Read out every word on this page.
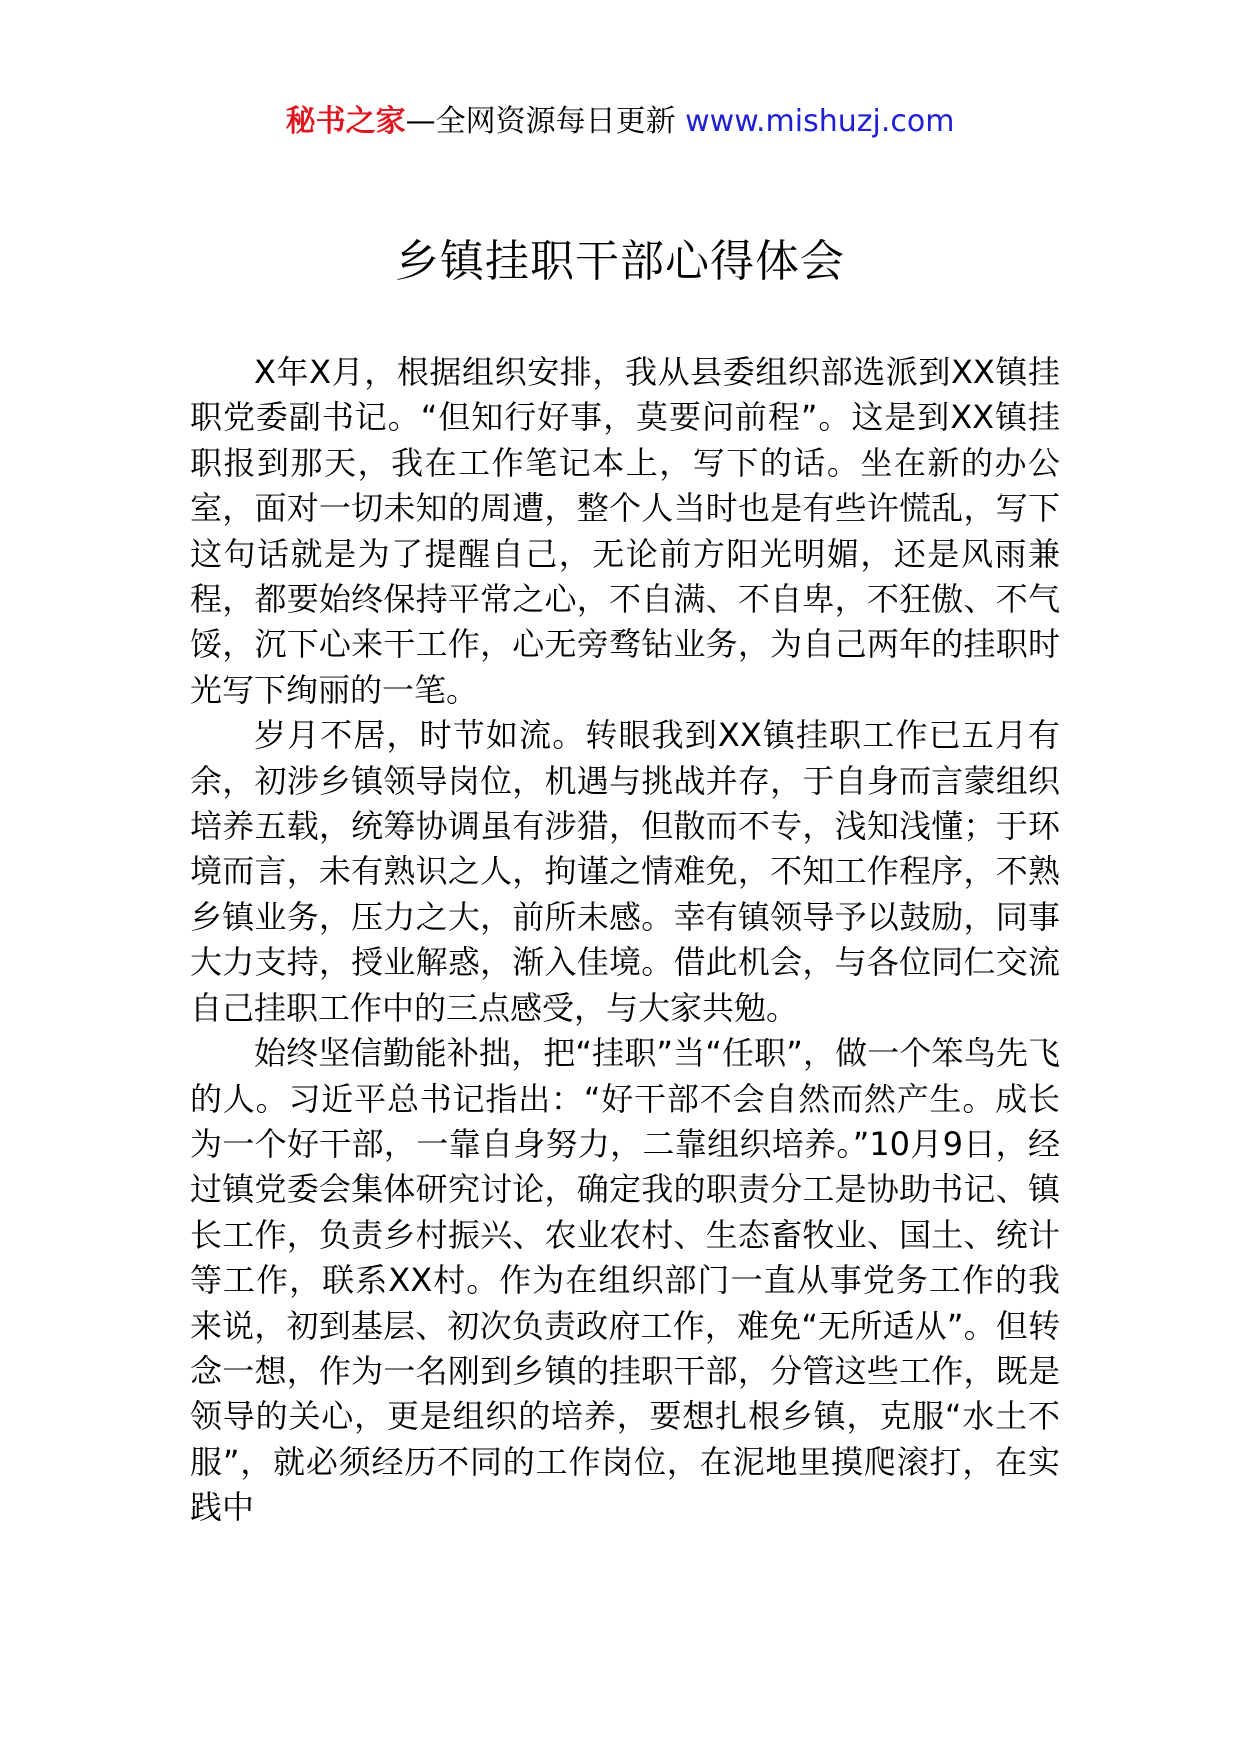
秘书之家—全网资源每日更新 www.mishuzj.com
乡镇挂职干部心得体会

X年X月，根据组织安排，我从县委组织部选派到XX镇挂职党委副书记。“但知行好事，莫要问前程”。这是到XX镇挂职报到那天，我在工作笔记本上，写下的话。坐在新的办公室，面对一切未知的周遭，整个人当时也是有些许慌乱，写下这句话就是为了提醒自己，无论前方阳光明媚，还是风雨兼程，都要始终保持平常之心，不自满、不自卑，不狂傲、不气馁，沉下心来干工作，心无旁骛钻业务，为自己两年的挂职时光写下绚丽的一笔。

岁月不居，时节如流。转眼我到XX镇挂职工作已五月有余，初涉乡镇领导岗位，机遇与挑战并存，于自身而言蒙组织培养五载，统筹协调虽有涉猎，但散而不专，浅知浅懂；于环境而言，未有熟识之人，拘谨之情难免，不知工作程序，不熟乡镇业务，压力之大，前所未感。幸有镇领导予以鼓励，同事大力支持，授业解惑，渐入佳境。借此机会，与各位同仁交流自己挂职工作中的三点感受，与大家共勉。

始终坚信勤能补拙，把“挂职”当“任职”，做一个笨鸟先飞的人。习近平总书记指出：“好干部不会自然而然产生。成长为一个好干部，一靠自身努力，二靠组织培养。”10月9日，经过镇党委会集体研究讨论，确定我的职责分工是协助书记、镇长工作，负责乡村振兴、农业农村、生态畜牧业、国土、统计等工作，联系XX村。作为在组织部门一直从事党务工作的我来说，初到基层、初次负责政府工作，难免“无所适从”。但转念一想，作为一名刚到乡镇的挂职干部，分管这些工作，既是领导的关心，更是组织的培养，要想扎根乡镇，克服“水土不服”，就必须经历不同的工作岗位，在泥地里摸爬滚打，在实践中
